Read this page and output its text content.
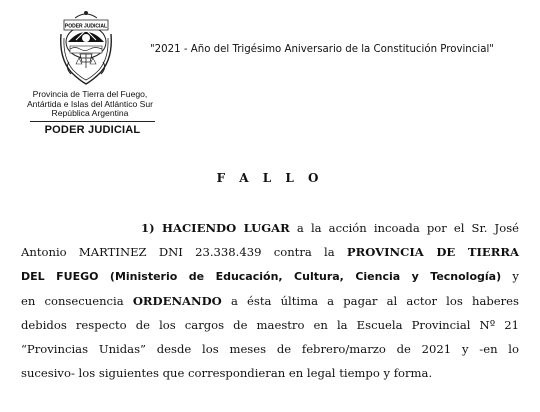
PODER JUDICIAL
Provincia de Tierra del Fuego,
Antártida e Islas del Atlántico Sur
República Argentina
PODER JUDICIAL
"2021 - Año del Trigésimo Aniversario de la Constitución Provincial"
F A L L O
1) HACIENDO LUGAR a la acción incoada por el Sr. José
Antonio MARTINEZ DNI 23.338.439 contra la PROVINCIA DE TIERRA
DEL FUEGO (Ministerio de Educación, Cultura, Ciencia y Tecnología) y
en consecuencia ORDENANDO a ésta última a pagar al actor los haberes
debidos respecto de los cargos de maestro en la Escuela Provincial Nº 21
“Provincias Unidas” desde los meses de febrero/marzo de 2021 y -en lo
sucesivo- los siguientes que correspondieran en legal tiempo y forma.
